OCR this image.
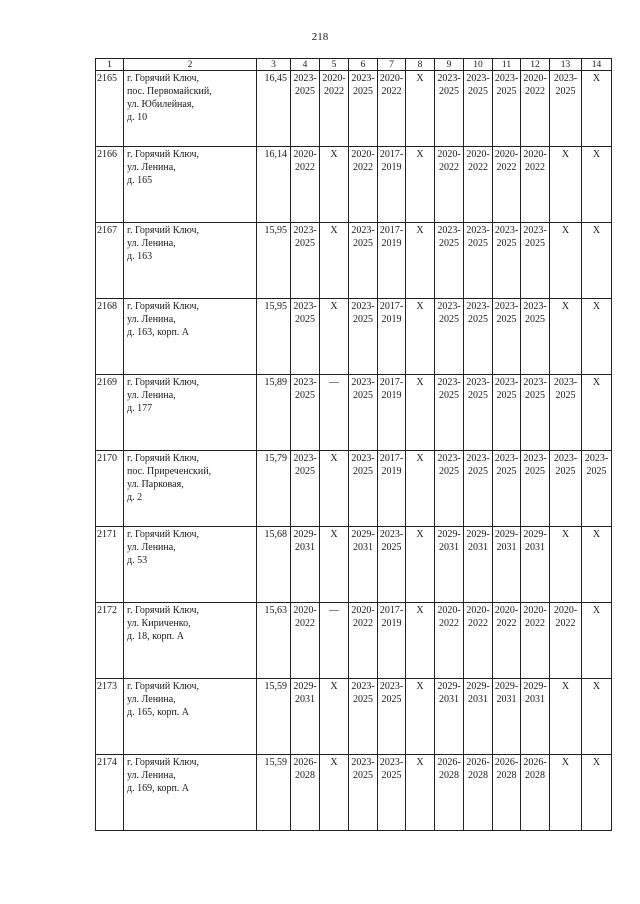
218
1	2	3	4	5	6	7	8	9	10	11	12	13	14
2165	г. Горячий Ключ,
пос. Первомайский,
ул. Юбилейная,
д. 10	16,45	2023-
2025	2020-
2022	2023-
2025	2020-
2022	Х	2023-
2025	2023-
2025	2023-
2025	2020-
2022	2023-
2025	Х

2166	г. Горячий Ключ,
ул. Ленина,
д. 165	16,14	2020-
2022	Х	2020-
2022	2017-
2019	Х	2020-
2022	2020-
2022	2020-
2022	2020-
2022	Х	Х

2167	г. Горячий Ключ,
ул. Ленина,
д. 163	15,95	2023-
2025	Х	2023-
2025	2017-
2019	Х	2023-
2025	2023-
2025	2023-
2025	2023-
2025	Х	Х

2168	г. Горячий Ключ,
ул. Ленина,
д. 163, корп. А	15,95	2023-
2025	Х	2023-
2025	2017-
2019	Х	2023-
2025	2023-
2025	2023-
2025	2023-
2025	Х	Х

2169	г. Горячий Ключ,
ул. Ленина,
д. 177	15,89	2023-
2025	—	2023-
2025	2017-
2019	Х	2023-
2025	2023-
2025	2023-
2025	2023-
2025	2023-
2025	Х

2170	г. Горячий Ключ,
пос. Приреченский,
ул. Парковая,
д. 2	15,79	2023-
2025	Х	2023-
2025	2017-
2019	Х	2023-
2025	2023-
2025	2023-
2025	2023-
2025	2023-
2025	2023-
2025

2171	г. Горячий Ключ,
ул. Ленина,
д. 53	15,68	2029-
2031	Х	2029-
2031	2023-
2025	Х	2029-
2031	2029-
2031	2029-
2031	2029-
2031	Х	Х

2172	г. Горячий Ключ,
ул. Кириченко,
д. 18, корп. А	15,63	2020-
2022	—	2020-
2022	2017-
2019	Х	2020-
2022	2020-
2022	2020-
2022	2020-
2022	2020-
2022	Х

2173	г. Горячий Ключ,
ул. Ленина,
д. 165, корп. А	15,59	2029-
2031	Х	2023-
2025	2023-
2025	Х	2029-
2031	2029-
2031	2029-
2031	2029-
2031	Х	Х

2174	г. Горячий Ключ,
ул. Ленина,
д. 169, корп. А	15,59	2026-
2028	Х	2023-
2025	2023-
2025	Х	2026-
2028	2026-
2028	2026-
2028	2026-
2028	Х	Х
